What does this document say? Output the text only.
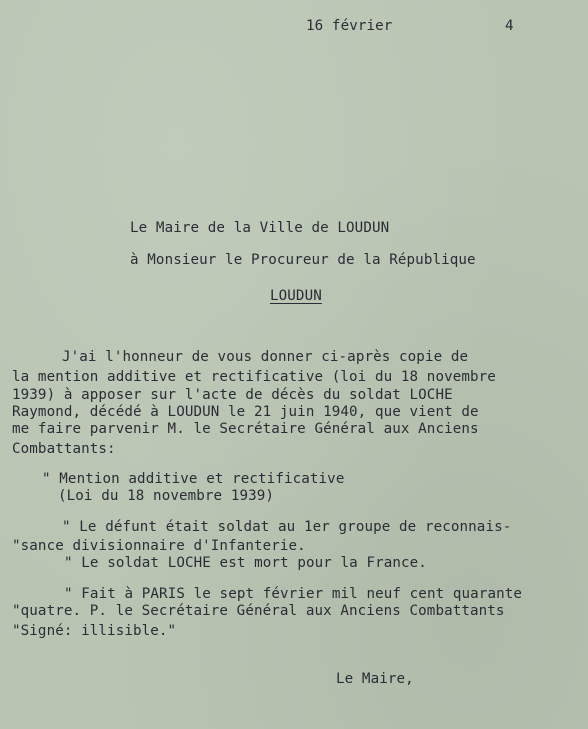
16 février	4
Le Maire de la Ville de LOUDUN
à Monsieur le Procureur de la République
LOUDUN
J'ai l'honneur de vous donner ci-après copie de
la mention additive et rectificative (loi du 18 novembre
1939) à apposer sur l'acte de décès du soldat LOCHE
Raymond, décédé à LOUDUN le 21 juin 1940, que vient de
me faire parvenir M. le Secrétaire Général aux Anciens
Combattants:
" Mention additive et rectificative
(Loi du 18 novembre 1939)
" Le défunt était soldat au 1er groupe de reconnais-
"sance divisionnaire d'Infanterie.
" Le soldat LOCHE est mort pour la France.
" Fait à PARIS le sept février mil neuf cent quarante
"quatre. P. le Secrétaire Général aux Anciens Combattants
"Signé: illisible."
Le Maire,
